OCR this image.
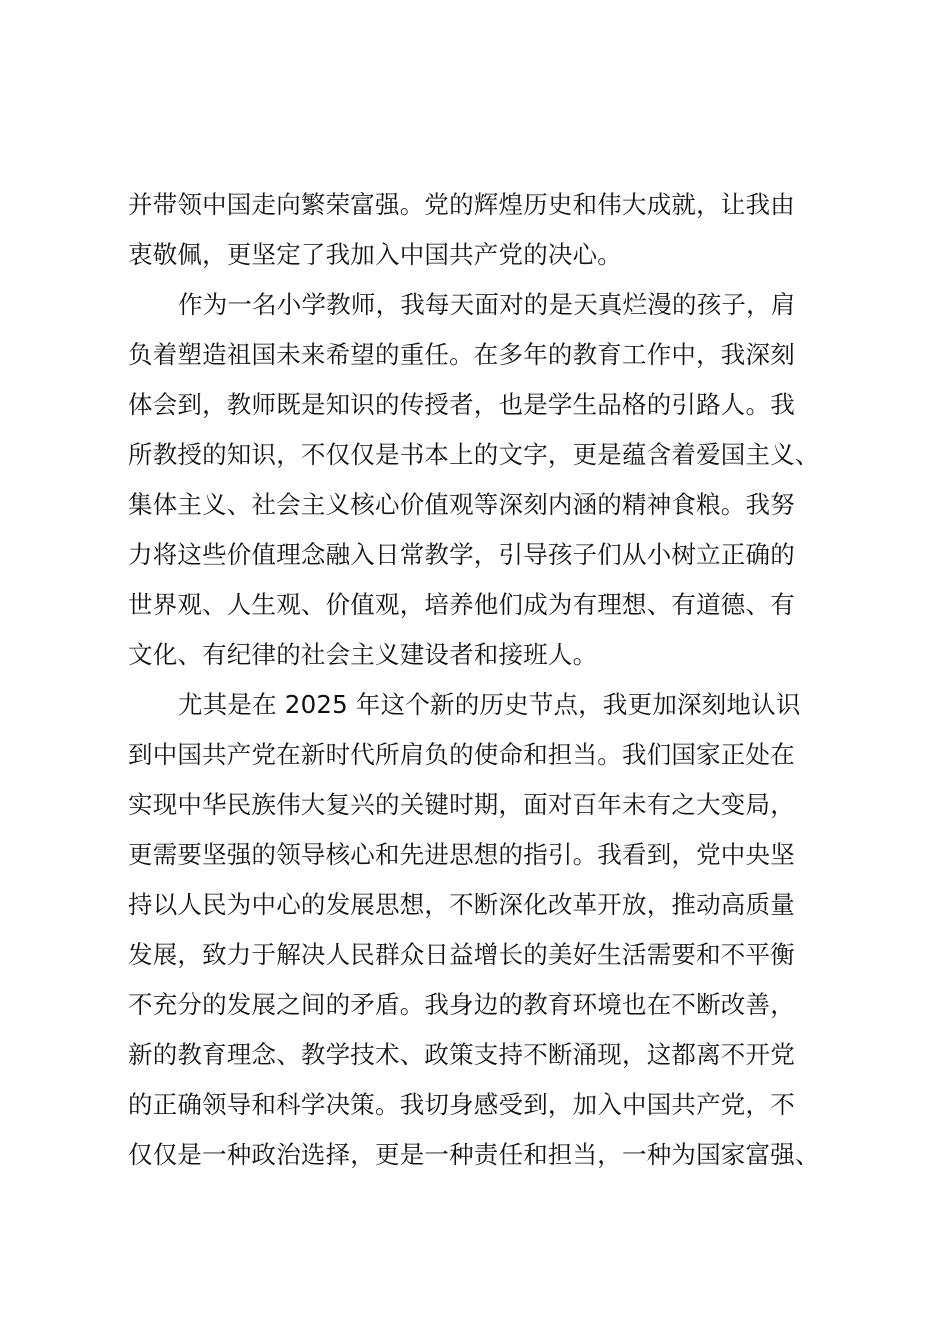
并带领中国走向繁荣富强。党的辉煌历史和伟大成就，让我由
衷敬佩，更坚定了我加入中国共产党的决心。
作为一名小学教师，我每天面对的是天真烂漫的孩子，肩
负着塑造祖国未来希望的重任。在多年的教育工作中，我深刻
体会到，教师既是知识的传授者，也是学生品格的引路人。我
所教授的知识，不仅仅是书本上的文字，更是蕴含着爱国主义、
集体主义、社会主义核心价值观等深刻内涵的精神食粮。我努
力将这些价值理念融入日常教学，引导孩子们从小树立正确的
世界观、人生观、价值观，培养他们成为有理想、有道德、有
文化、有纪律的社会主义建设者和接班人。
尤其是在 2025 年这个新的历史节点，我更加深刻地认识
到中国共产党在新时代所肩负的使命和担当。我们国家正处在
实现中华民族伟大复兴的关键时期，面对百年未有之大变局，
更需要坚强的领导核心和先进思想的指引。我看到，党中央坚
持以人民为中心的发展思想，不断深化改革开放，推动高质量
发展，致力于解决人民群众日益增长的美好生活需要和不平衡
不充分的发展之间的矛盾。我身边的教育环境也在不断改善，
新的教育理念、教学技术、政策支持不断涌现，这都离不开党
的正确领导和科学决策。我切身感受到，加入中国共产党，不
仅仅是一种政治选择，更是一种责任和担当，一种为国家富强、
